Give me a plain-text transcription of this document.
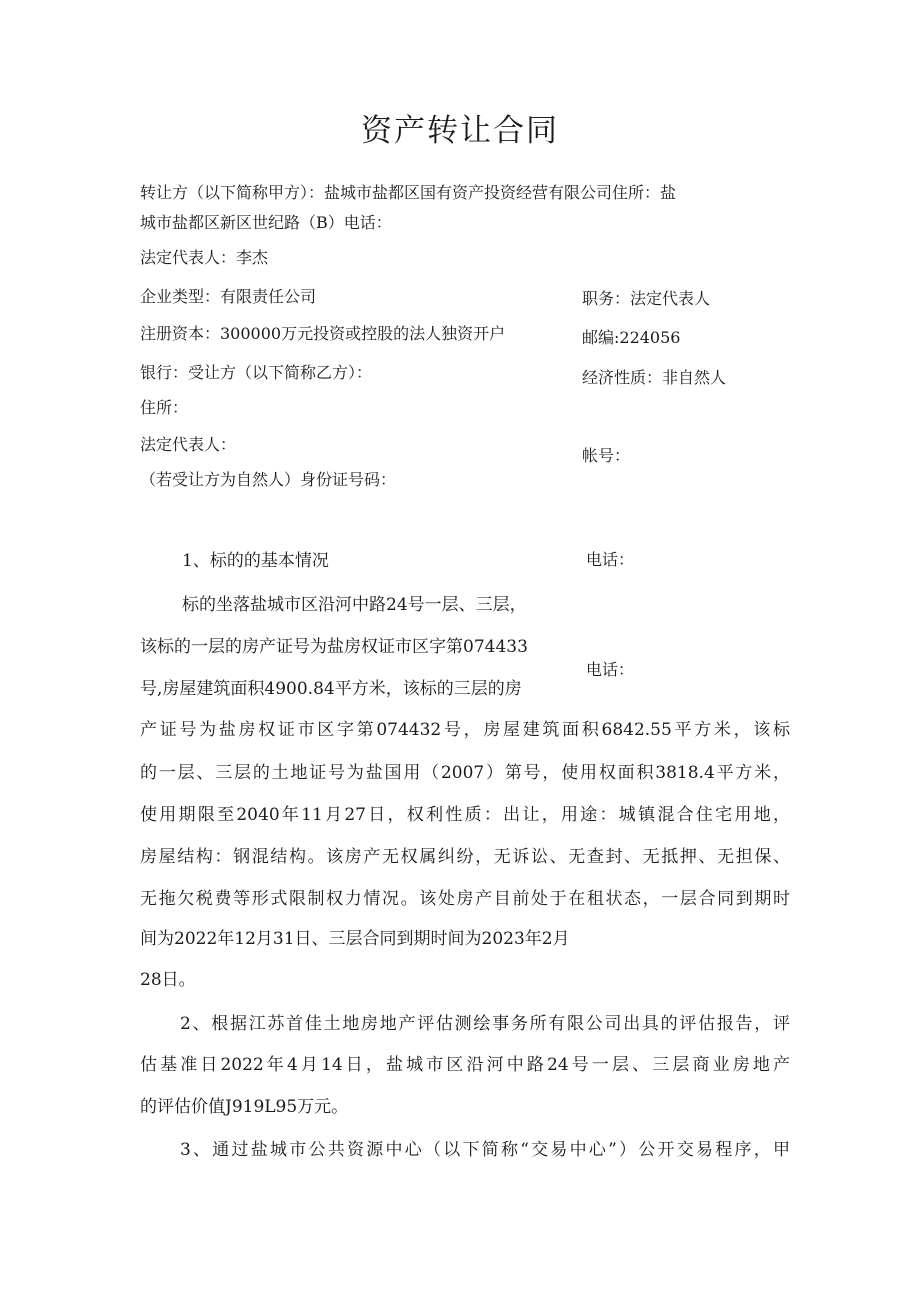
资产转让合同
转让方（以下简称甲方）：盐城市盐都区国有资产投资经营有限公司住所：盐
城市盐都区新区世纪路（B）电话：
法定代表人：李杰
企业类型：有限责任公司	职务：法定代表人
注册资本：300000万元投资或控股的法人独资开户	邮编:224056
银行：受让方（以下简称乙方）：	经济性质：非自然人
住所：
法定代表人：
帐号：
（若受让方为自然人）身份证号码：
1、标的的基本情况	电话：
标的坐落盐城市区沿河中路24号一层、三层，
该标的一层的房产证号为盐房权证市区字第074433
电话：
号,房屋建筑面积4900.84平方米，该标的三层的房
产证号为盐房权证市区字第074432号，房屋建筑面积6842.55平方米，该标
的一层、三层的土地证号为盐国用（2007）第号，使用权面积3818.4平方米，
使用期限至2040年11月27日，权利性质：出让，用途：城镇混合住宅用地，
房屋结构：钢混结构。该房产无权属纠纷，无诉讼、无查封、无抵押、无担保、
无拖欠税费等形式限制权力情况。该处房产目前处于在租状态，一层合同到期时
间为2022年12月31日、三层合同到期时间为2023年2月
28日。
2、根据江苏首佳土地房地产评估测绘事务所有限公司出具的评估报告，评
估基准日2022年4月14日，盐城市区沿河中路24号一层、三层商业房地产
的评估价值J919L95万元。
3、通过盐城市公共资源中心（以下简称“交易中心”）公开交易程序，甲
